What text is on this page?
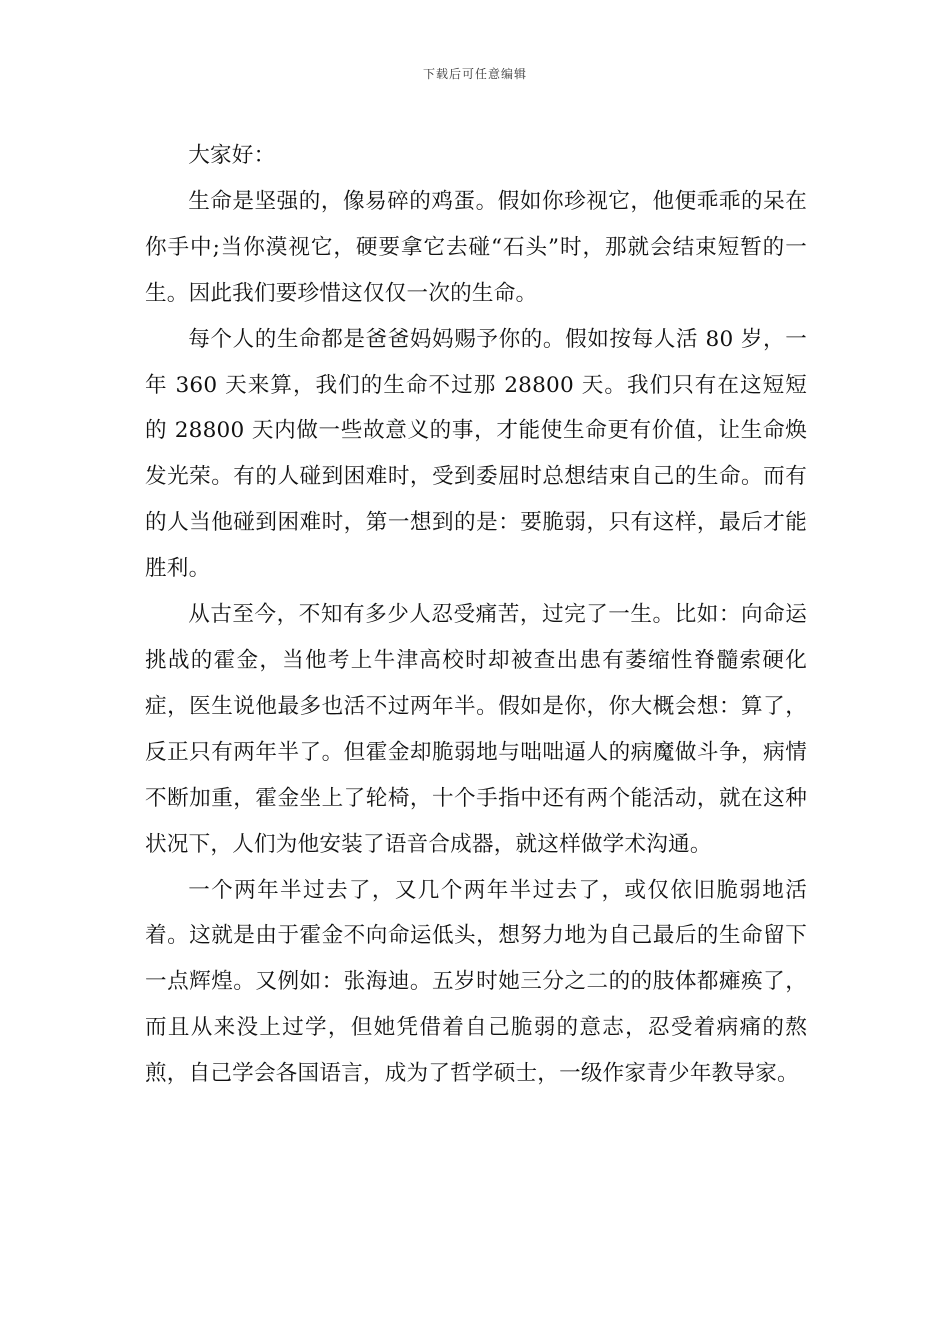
下载后可任意编辑

大家好：

生命是坚强的，像易碎的鸡蛋。假如你珍视它，他便乖乖的呆在你手中;当你漠视它，硬要拿它去碰“石头”时，那就会结束短暂的一生。因此我们要珍惜这仅仅一次的生命。

每个人的生命都是爸爸妈妈赐予你的。假如按每人活 80 岁，一年 360 天来算，我们的生命不过那 28800 天。我们只有在这短短的 28800 天内做一些故意义的事，才能使生命更有价值，让生命焕发光荣。有的人碰到困难时，受到委屈时总想结束自己的生命。而有的人当他碰到困难时，第一想到的是：要脆弱，只有这样，最后才能胜利。

从古至今，不知有多少人忍受痛苦，过完了一生。比如：向命运挑战的霍金，当他考上牛津高校时却被查出患有萎缩性脊髓索硬化症，医生说他最多也活不过两年半。假如是你，你大概会想：算了，反正只有两年半了。但霍金却脆弱地与咄咄逼人的病魔做斗争，病情不断加重，霍金坐上了轮椅，十个手指中还有两个能活动，就在这种状况下，人们为他安装了语音合成器，就这样做学术沟通。

一个两年半过去了，又几个两年半过去了，或仅依旧脆弱地活着。这就是由于霍金不向命运低头，想努力地为自己最后的生命留下一点辉煌。又例如：张海迪。五岁时她三分之二的的肢体都瘫痪了，而且从来没上过学，但她凭借着自己脆弱的意志，忍受着病痛的熬煎，自己学会各国语言，成为了哲学硕士，一级作家青少年教导家。
